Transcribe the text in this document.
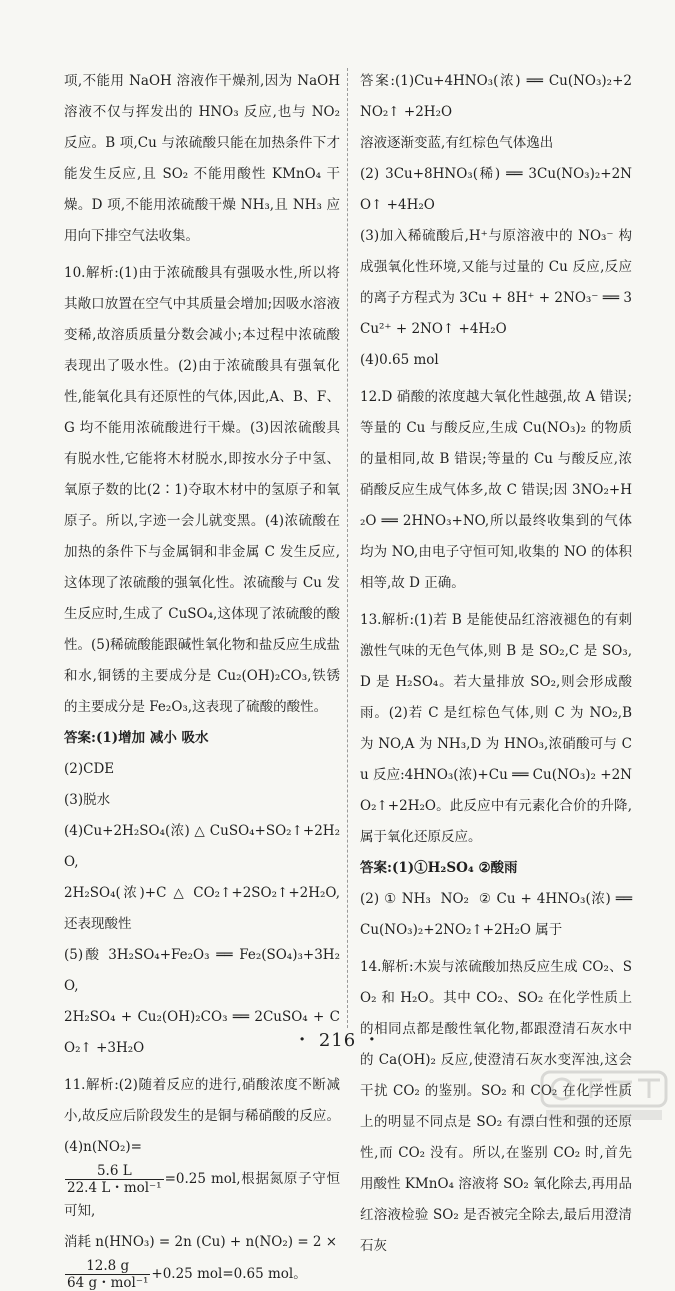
项,不能用 NaOH 溶液作干燥剂,因为 NaOH 溶液不仅与挥发出的 HNO₃ 反应,也与 NO₂ 反应。B 项,Cu 与浓硫酸只能在加热条件下才能发生反应,且 SO₂ 不能用酸性 KMnO₄ 干燥。D 项,不能用浓硫酸干燥 NH₃,且 NH₃ 应用向下排空气法收集。

10.解析:(1)由于浓硫酸具有强吸水性,所以将其敞口放置在空气中其质量会增加;因吸水溶液变稀,故溶质质量分数会减小;本过程中浓硫酸表现出了吸水性。(2)由于浓硫酸具有强氧化性,能氧化具有还原性的气体,因此,A、B、F、G 均不能用浓硫酸进行干燥。(3)因浓硫酸具有脱水性,它能将木材脱水,即按水分子中氢、氧原子数的比(2∶1)夺取木材中的氢原子和氧原子。所以,字迹一会儿就变黑。(4)浓硫酸在加热的条件下与金属铜和非金属 C 发生反应,这体现了浓硫酸的强氧化性。浓硫酸与 Cu 发生反应时,生成了 CuSO₄,这体现了浓硫酸的酸性。(5)稀硫酸能跟碱性氧化物和盐反应生成盐和水,铜锈的主要成分是 Cu₂(OH)₂CO₃,铁锈的主要成分是 Fe₂O₃,这表现了硫酸的酸性。

答案:(1)增加 减小 吸水

(2)CDE

(3)脱水

(4)Cu+2H₂SO₄(浓) △ CuSO₄+SO₂↑+2H₂O,

2H₂SO₄(浓)+C △ CO₂↑+2SO₂↑+2H₂O,还表现酸性

(5)酸 3H₂SO₄+Fe₂O₃ ══ Fe₂(SO₄)₃+3H₂O,

2H₂SO₄ + Cu₂(OH)₂CO₃ ══ 2CuSO₄ + CO₂↑ +3H₂O

11.解析:(2)随着反应的进行,硝酸浓度不断减小,故反应后阶段发生的是铜与稀硝酸的反应。(4)n(NO₂)=

$\frac{5.6 L}{\text{22.4 L・mol⁻¹}} =0.25$ mol,根据氮原子守恒可知,

消耗 n(HNO₃) = 2n (Cu) + n(NO₂) = 2 ×

$\frac{12.8 g}{\text{64 g・mol⁻¹}} +0.25$ mol=0.65 mol。

答案:(1)Cu+4HNO₃(浓) ══ Cu(NO₃)₂+2NO₂↑ +2H₂O

溶液逐渐变蓝,有红棕色气体逸出

(2) 3Cu+8HNO₃(稀) ══ 3Cu(NO₃)₂+2NO↑ +4H₂O

(3)加入稀硫酸后,H⁺与原溶液中的 NO₃⁻ 构成强氧化性环境,又能与过量的 Cu 反应,反应的离子方程式为 3Cu + 8H⁺ + 2NO₃⁻ ══ 3Cu²⁺ + 2NO↑ +4H₂O

(4)0.65 mol

12.D 硝酸的浓度越大氧化性越强,故 A 错误;等量的 Cu 与酸反应,生成 Cu(NO₃)₂ 的物质的量相同,故 B 错误;等量的 Cu 与酸反应,浓硝酸反应生成气体多,故 C 错误;因 3NO₂+H₂O ══ 2HNO₃+NO,所以最终收集到的气体均为 NO,由电子守恒可知,收集的 NO 的体积相等,故 D 正确。

13.解析:(1)若 B 是能使品红溶液褪色的有刺激性气味的无色气体,则 B 是 SO₂,C 是 SO₃,D 是 H₂SO₄。若大量排放 SO₂,则会形成酸雨。(2)若 C 是红棕色气体,则 C 为 NO₂,B 为 NO,A 为 NH₃,D 为 HNO₃,浓硝酸可与 Cu 反应:4HNO₃(浓)+Cu ══ Cu(NO₃)₂ +2NO₂↑+2H₂O。此反应中有元素化合价的升降,属于氧化还原反应。

答案:(1)①H₂SO₄ ②酸雨

(2) ① NH₃  NO₂  ② Cu + 4HNO₃(浓) ══ Cu(NO₃)₂+2NO₂↑+2H₂O 属于

14.解析:木炭与浓硫酸加热反应生成 CO₂、SO₂ 和 H₂O。其中 CO₂、SO₂ 在化学性质上的相同点都是酸性氧化物,都跟澄清石灰水中的 Ca(OH)₂ 反应,使澄清石灰水变浑浊,这会干扰 CO₂ 的鉴别。SO₂ 和 CO₂ 在化学性质上的明显不同点是 SO₂ 有漂白性和强的还原性,而 CO₂ 没有。所以,在鉴别 CO₂ 时,首先用酸性 KMnO₄ 溶液将 SO₂ 氧化除去,再用品红溶液检验 SO₂ 是否被完全除去,最后用澄清石灰

・ 216 ・
